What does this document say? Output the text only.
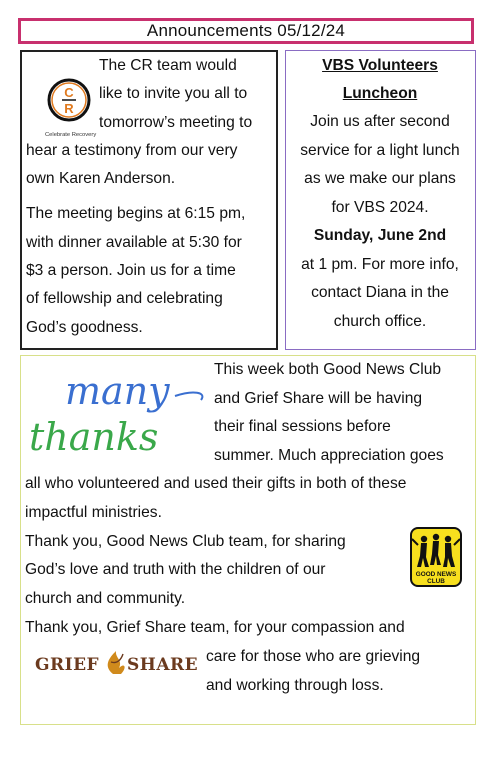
Announcements 05/12/24
C
R
Celebrate Recovery
The CR team would
like to invite you all to
tomorrow’s meeting to
hear a testimony from our very
own Karen Anderson.
The meeting begins at 6:15 pm,
with dinner available at 5:30 for
$3 a person. Join us for a time
of fellowship and celebrating
God’s goodness.
VBS Volunteers
Luncheon
Join us after second
service for a light lunch
as we make our plans
for VBS 2024.
Sunday, June 2nd
at 1 pm. For more info,
contact Diana in the
church office.
many
thanks
This week both Good News Club
and Grief Share will be having
their final sessions before
summer. Much appreciation goes
all who volunteered and used their gifts in both of these
impactful ministries.
Thank you, Good News Club team, for sharing
God’s love and truth with the children of our
church and community.
Thank you, Grief Share team, for your compassion and
care for those who are grieving
and working through loss.
GOOD NEWS
CLUB
GRIEF SHARE
